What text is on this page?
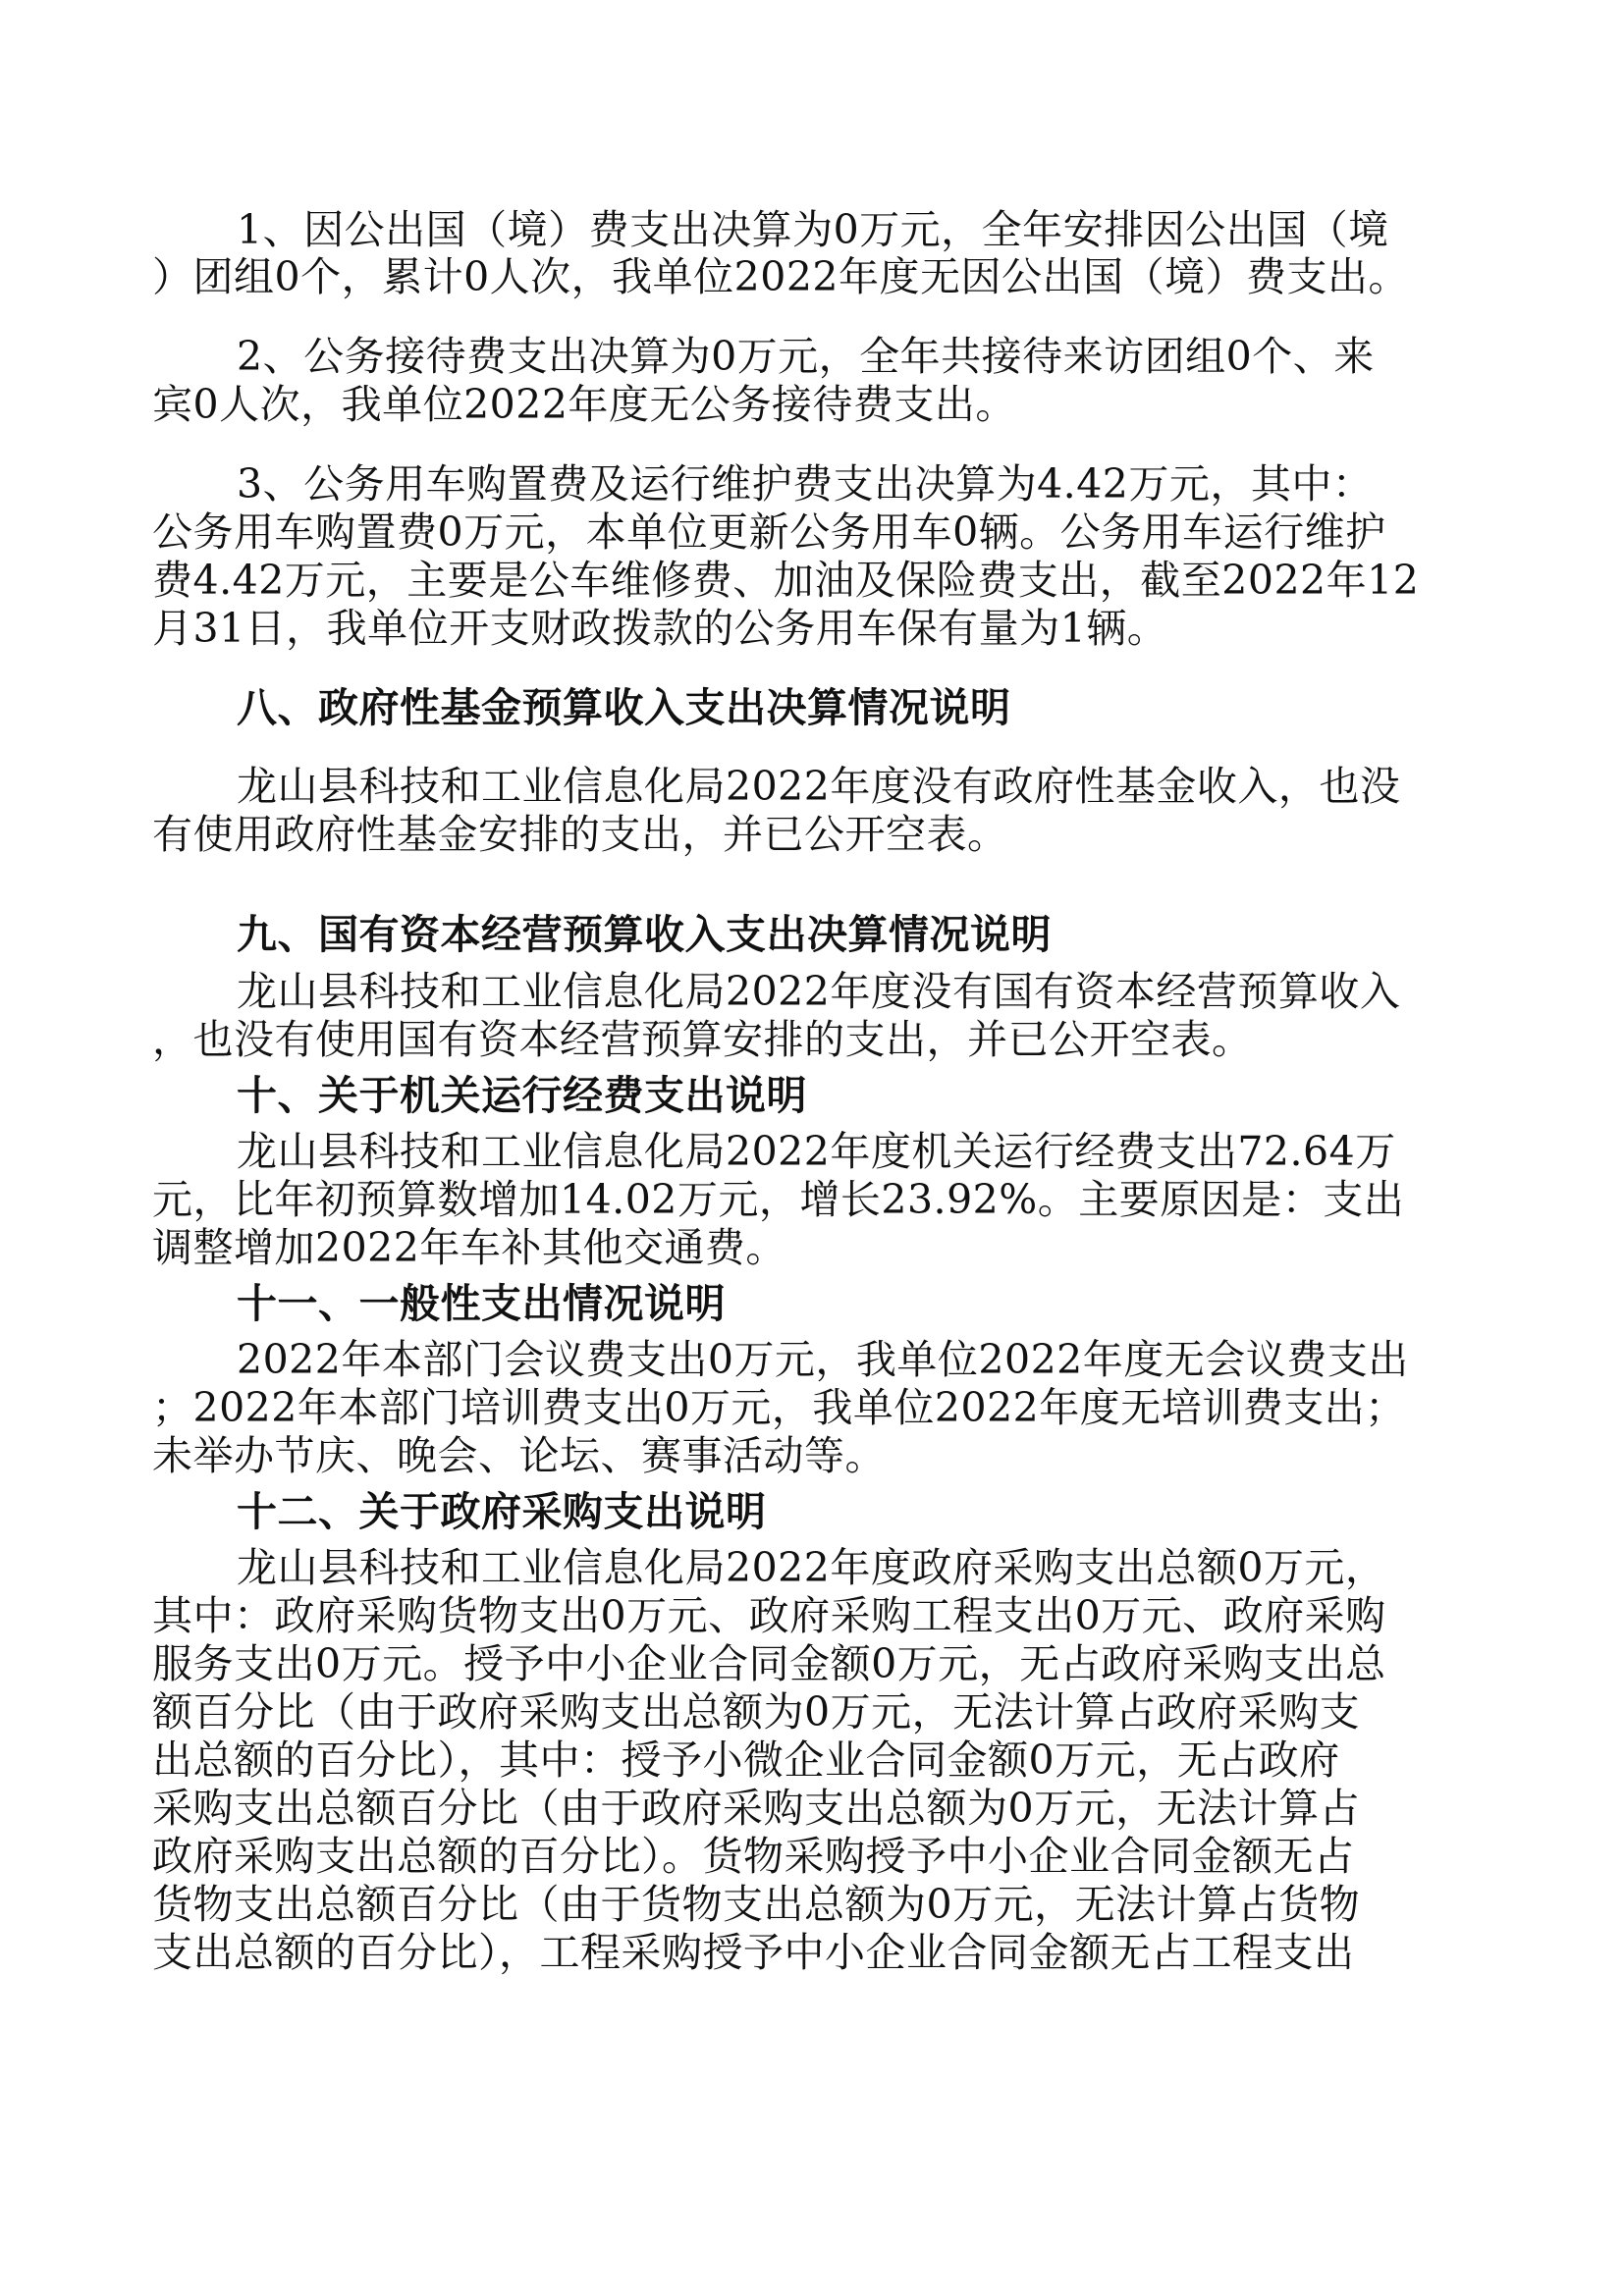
1、因公出国（境）费支出决算为0万元，全年安排因公出国（境
）团组0个，累计0人次，我单位2022年度无因公出国（境）费支出。
2、公务接待费支出决算为0万元，全年共接待来访团组0个、来
宾0人次，我单位2022年度无公务接待费支出。
3、公务用车购置费及运行维护费支出决算为4.42万元，其中：
公务用车购置费0万元，本单位更新公务用车0辆。公务用车运行维护
费4.42万元，主要是公车维修费、加油及保险费支出，截至2022年12
月31日，我单位开支财政拨款的公务用车保有量为1辆。
八、政府性基金预算收入支出决算情况说明
龙山县科技和工业信息化局2022年度没有政府性基金收入，也没
有使用政府性基金安排的支出，并已公开空表。
九、国有资本经营预算收入支出决算情况说明
龙山县科技和工业信息化局2022年度没有国有资本经营预算收入
，也没有使用国有资本经营预算安排的支出，并已公开空表。
十、关于机关运行经费支出说明
龙山县科技和工业信息化局2022年度机关运行经费支出72.64万
元，比年初预算数增加14.02万元，增长23.92%。主要原因是：支出
调整增加2022年车补其他交通费。
十一、一般性支出情况说明
2022年本部门会议费支出0万元，我单位2022年度无会议费支出
；2022年本部门培训费支出0万元，我单位2022年度无培训费支出；
未举办节庆、晚会、论坛、赛事活动等。
十二、关于政府采购支出说明
龙山县科技和工业信息化局2022年度政府采购支出总额0万元，
其中：政府采购货物支出0万元、政府采购工程支出0万元、政府采购
服务支出0万元。授予中小企业合同金额0万元，无占政府采购支出总
额百分比（由于政府采购支出总额为0万元，无法计算占政府采购支
出总额的百分比），其中：授予小微企业合同金额0万元，无占政府
采购支出总额百分比（由于政府采购支出总额为0万元，无法计算占
政府采购支出总额的百分比）。货物采购授予中小企业合同金额无占
货物支出总额百分比（由于货物支出总额为0万元，无法计算占货物
支出总额的百分比），工程采购授予中小企业合同金额无占工程支出
